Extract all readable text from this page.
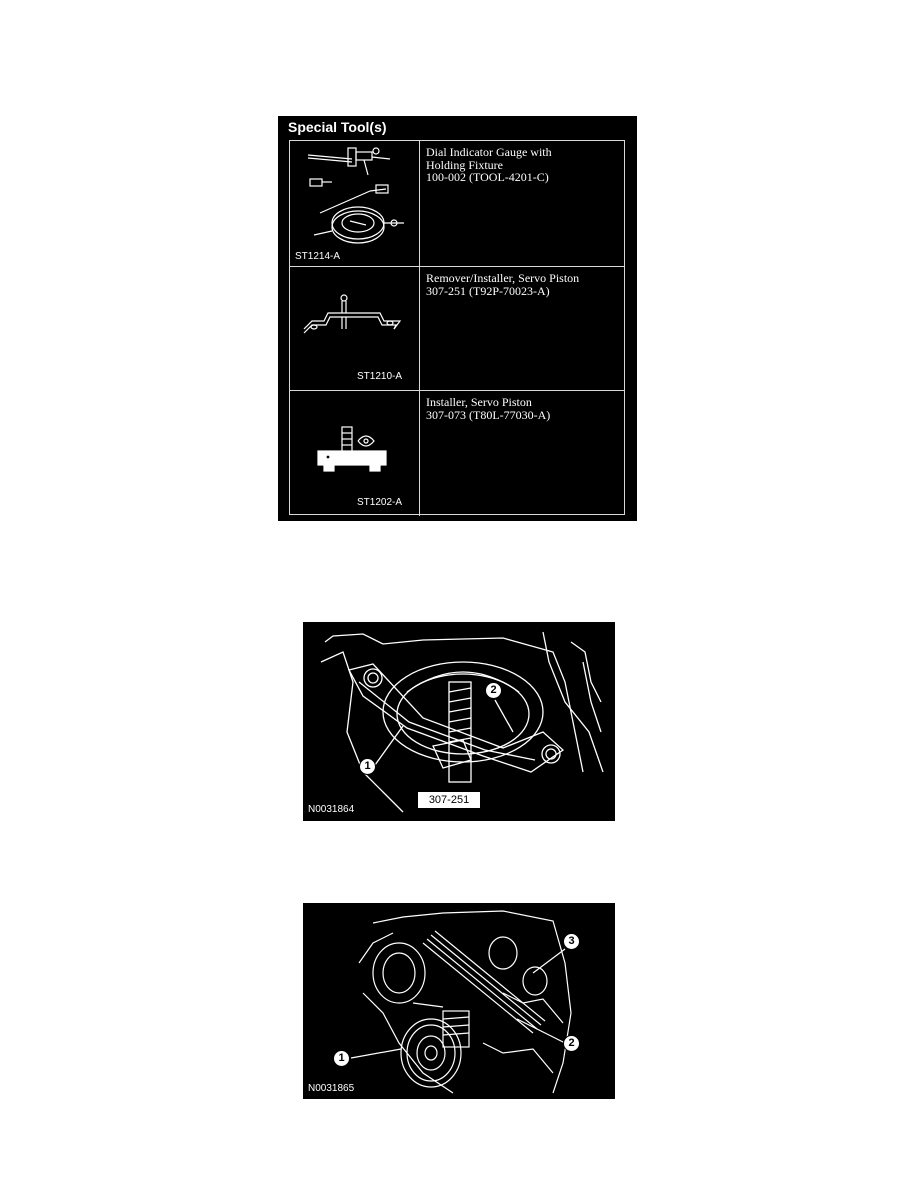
Special Tool(s)
ST1214-A
Dial Indicator Gauge with
Holding Fixture
100-002 (TOOL-4201-C)
ST1210-A
Remover/Installer, Servo Piston
307-251 (T92P-70023-A)
ST1202-A
Installer, Servo Piston
307-073 (T80L-77030-A)
1
2
307-251
N0031864
1
2
3
N0031865
